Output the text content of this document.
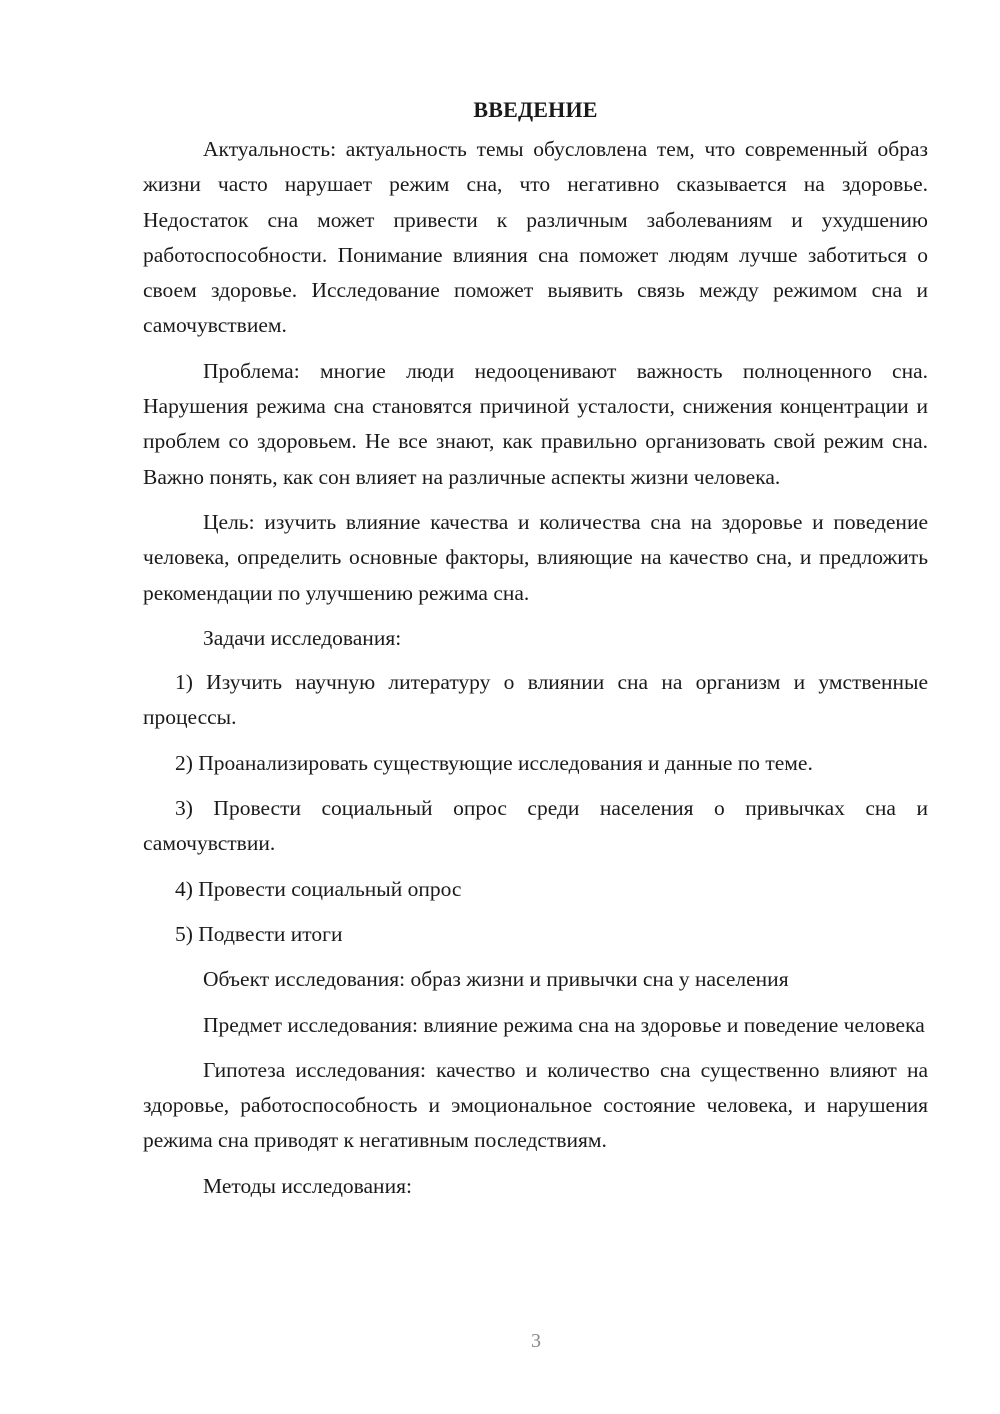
ВВЕДЕНИЕ

Актуальность: актуальность темы обусловлена тем, что современный образ жизни часто нарушает режим сна, что негативно сказывается на здоровье. Недостаток сна может привести к различным заболеваниям и ухудшению работоспособности. Понимание влияния сна поможет людям лучше заботиться о своем здоровье. Исследование поможет выявить связь между режимом сна и самочувствием.

Проблема: многие люди недооценивают важность полноценного сна. Нарушения режима сна становятся причиной усталости, снижения концентрации и проблем со здоровьем. Не все знают, как правильно организовать свой режим сна. Важно понять, как сон влияет на различные аспекты жизни человека.

Цель: изучить влияние качества и количества сна на здоровье и поведение человека, определить основные факторы, влияющие на качество сна, и предложить рекомендации по улучшению режима сна.

Задачи исследования:

1) Изучить научную литературу о влиянии сна на организм и умственные процессы.

2) Проанализировать существующие исследования и данные по теме.

3) Провести социальный опрос среди населения о привычках сна и самочувствии.

4) Провести социальный опрос

5) Подвести итоги

Объект исследования: образ жизни и привычки сна у населения

Предмет исследования: влияние режима сна на здоровье и поведение человека

Гипотеза исследования: качество и количество сна существенно влияют на здоровье, работоспособность и эмоциональное состояние человека, и нарушения режима сна приводят к негативным последствиям.

Методы исследования:

3
